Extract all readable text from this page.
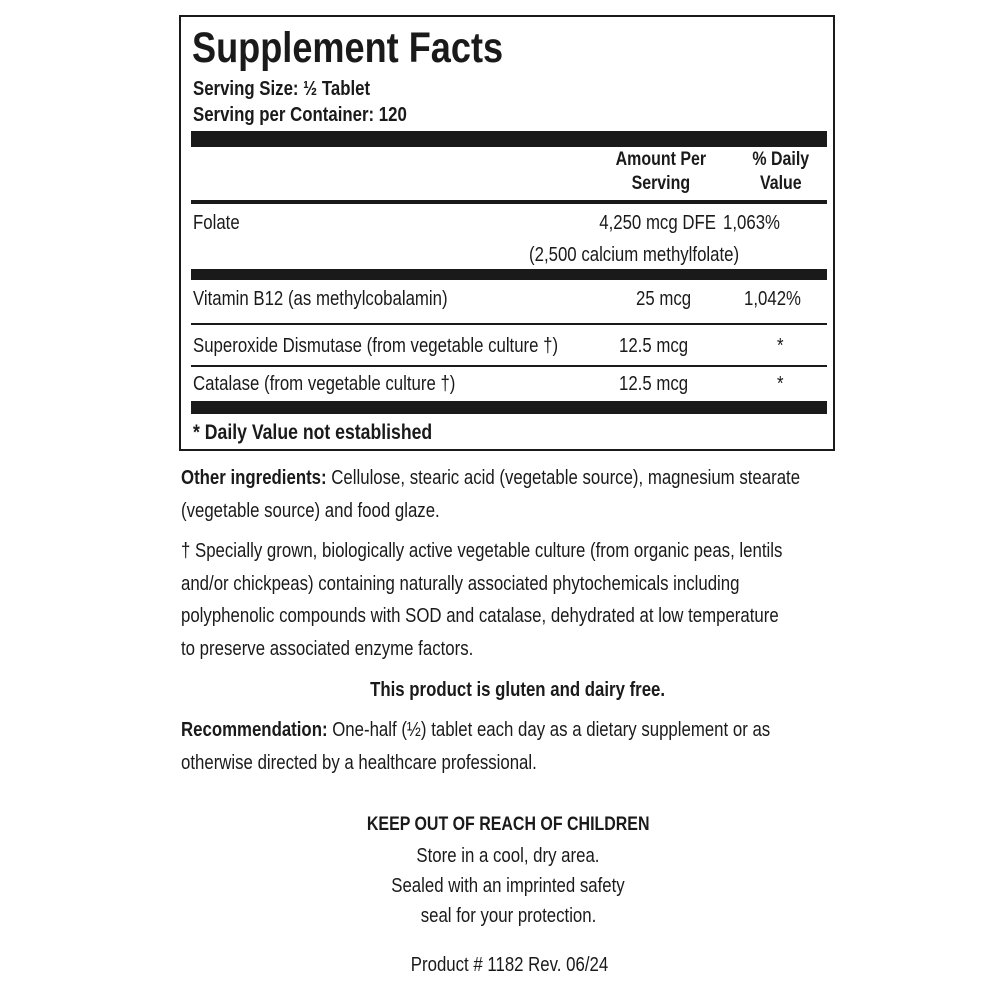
Supplement Facts
Serving Size: ½ Tablet
Serving per Container: 120
Amount Per
Serving
% Daily
Value
Folate	4,250 mcg DFE 1,063%
(2,500 calcium methylfolate)
Vitamin B12 (as methylcobalamin)	25 mcg	1,042%
Superoxide Dismutase (from vegetable culture †)	12.5 mcg	*
Catalase (from vegetable culture †)	12.5 mcg	*
* Daily Value not established
Other ingredients: Cellulose, stearic acid (vegetable source), magnesium stearate
(vegetable source) and food glaze.
† Specially grown, biologically active vegetable culture (from organic peas, lentils
and/or chickpeas) containing naturally associated phytochemicals including
polyphenolic compounds with SOD and catalase, dehydrated at low temperature
to preserve associated enzyme factors.
This product is gluten and dairy free.
Recommendation: One-half (½) tablet each day as a dietary supplement or as
otherwise directed by a healthcare professional.
KEEP OUT OF REACH OF CHILDREN
Store in a cool, dry area.
Sealed with an imprinted safety
seal for your protection.
Product # 1182 Rev. 06/24
